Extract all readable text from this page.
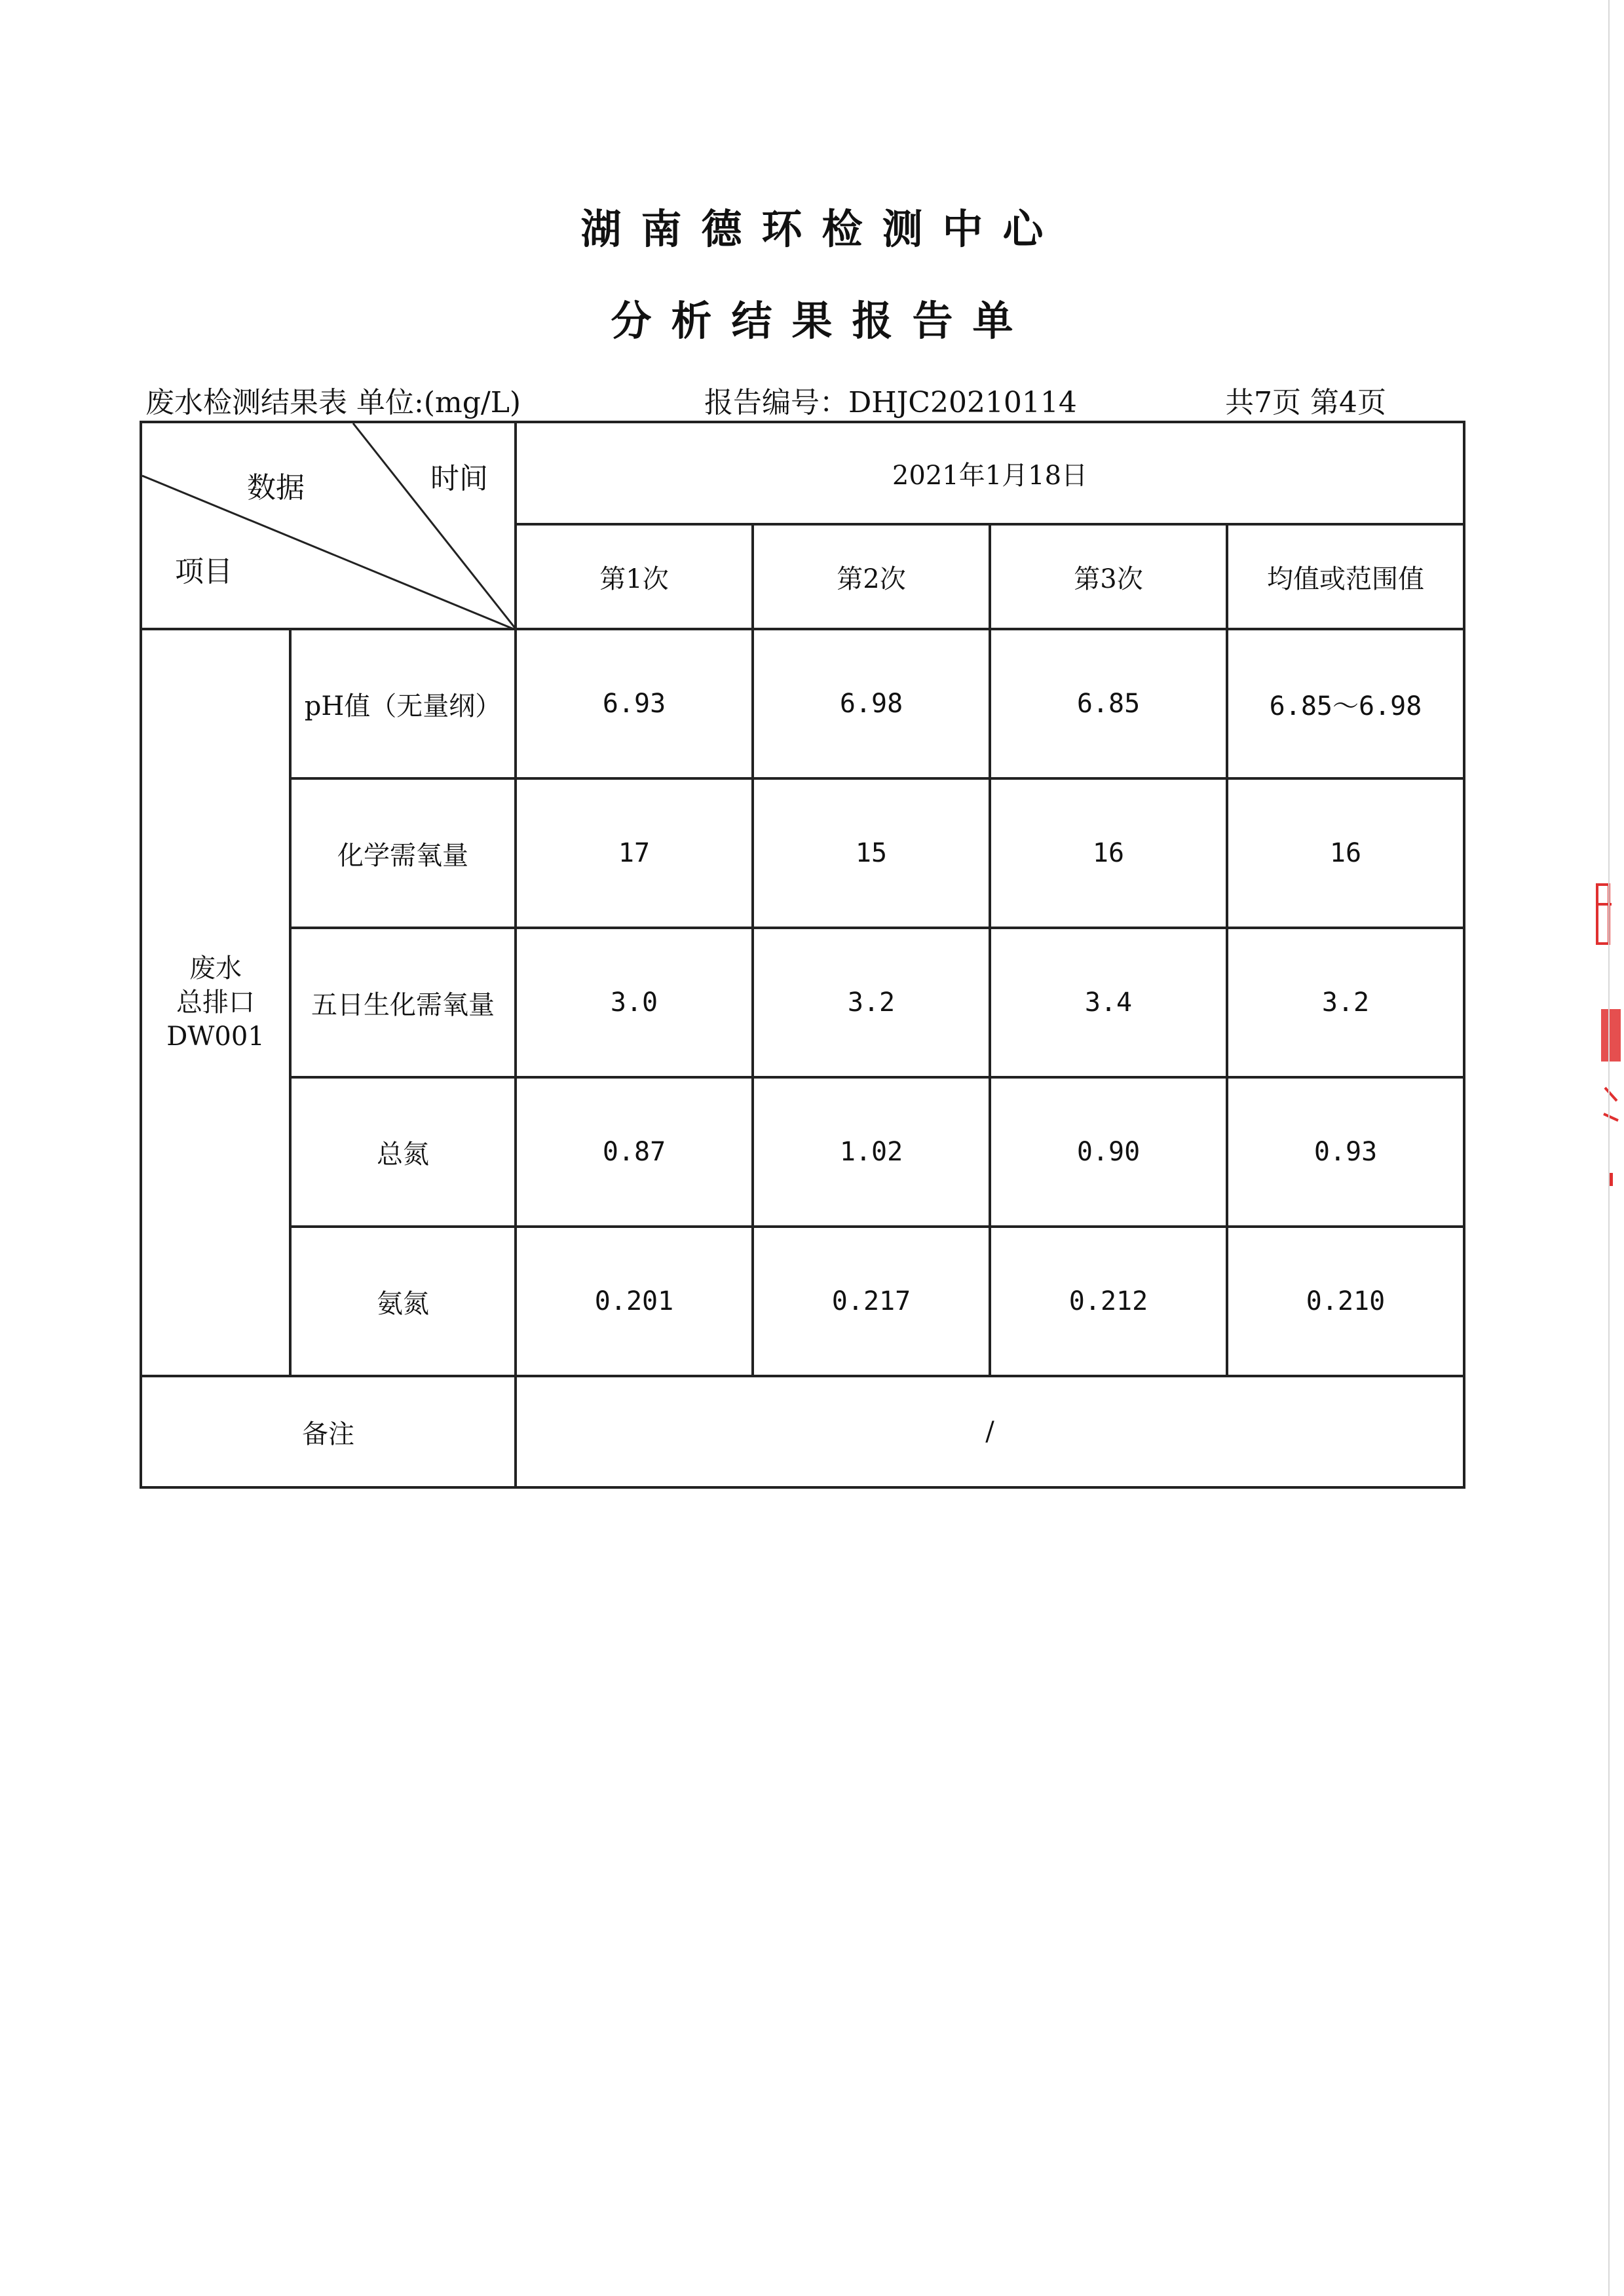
湖南德环检测中心
分析结果报告单
废水检测结果表 单位:(mg/L)	报告编号：DHJC20210114	共7页 第4页
时间
数据
项目		2021年1月18日			
		第1次	第2次	第3次	均值或范围值

废水
总排口
DW001	pH值（无量纲）	6.93	6.98	6.85	6.85～6.98
	化学需氧量	17	15	16	16
	五日生化需氧量	3.0	3.2	3.4	3.2
	总氮	0.87	1.02	0.90	0.93
	氨氮	0.201	0.217	0.212	0.210
备注		/			
